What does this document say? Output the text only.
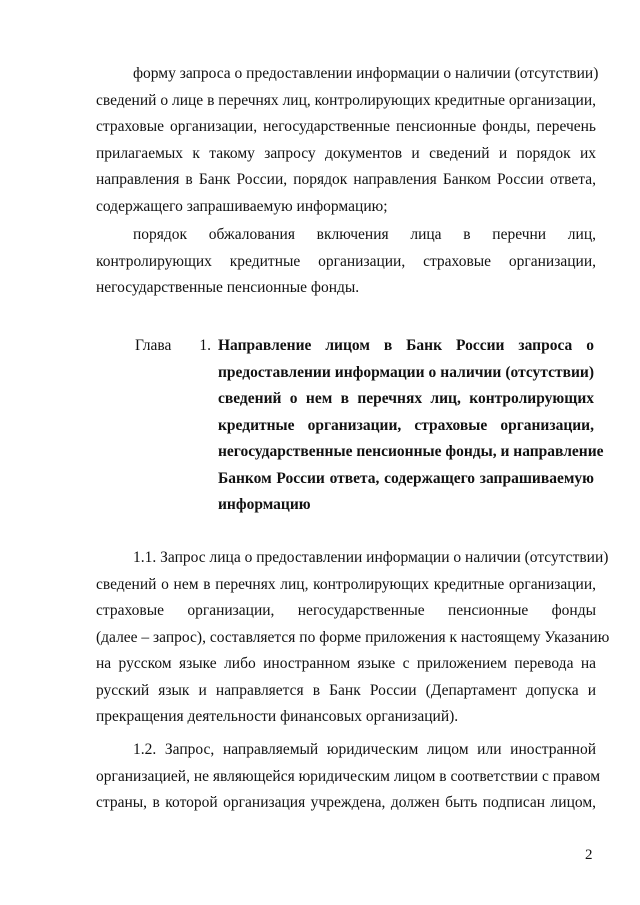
форму запроса о предоставлении информации о наличии (отсутствии)
сведений о лице в перечнях лиц, контролирующих кредитные организации,
страховые организации, негосударственные пенсионные фонды, перечень
прилагаемых к такому запросу документов и сведений и порядок их
направления в Банк России, порядок направления Банком России ответа,
содержащего запрашиваемую информацию;
порядок обжалования включения лица в перечни лиц,
контролирующих кредитные организации, страховые организации,
негосударственные пенсионные фонды.
Глава 1. Направление лицом в Банк России запроса о
предоставлении информации о наличии (отсутствии)
сведений о нем в перечнях лиц, контролирующих
кредитные организации, страховые организации,
негосударственные пенсионные фонды, и направление
Банком России ответа, содержащего запрашиваемую
информацию
1.1. Запрос лица о предоставлении информации о наличии (отсутствии)
сведений о нем в перечнях лиц, контролирующих кредитные организации,
страховые организации, негосударственные пенсионные фонды
(далее – запрос), составляется по форме приложения к настоящему Указанию
на русском языке либо иностранном языке с приложением перевода на
русский язык и направляется в Банк России (Департамент допуска и
прекращения деятельности финансовых организаций).
1.2. Запрос, направляемый юридическим лицом или иностранной
организацией, не являющейся юридическим лицом в соответствии с правом
страны, в которой организация учреждена, должен быть подписан лицом,
2
